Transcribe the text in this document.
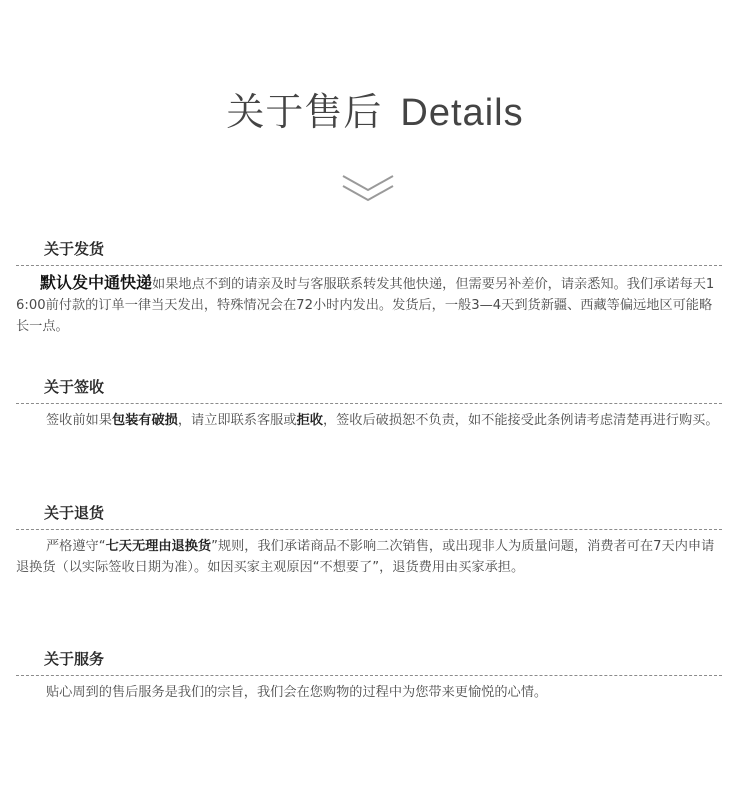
关于售后 Details
关于发货
默认发中通快递如果地点不到的请亲及时与客服联系转发其他快递，但需要另补差价，请亲悉知。我们承诺每天16:00前付款的订单一律当天发出，特殊情况会在72小时内发出。发货后，一般3—4天到货新疆、西藏等偏远地区可能略长一点。
关于签收
签收前如果包装有破损，请立即联系客服或拒收，签收后破损恕不负责，如不能接受此条例请考虑清楚再进行购买。
关于退货
严格遵守“七天无理由退换货”规则，我们承诺商品不影响二次销售，或出现非人为质量问题，消费者可在7天内申请退换货（以实际签收日期为准）。如因买家主观原因“不想要了”，退货费用由买家承担。
关于服务
贴心周到的售后服务是我们的宗旨，我们会在您购物的过程中为您带来更愉悦的心情。
